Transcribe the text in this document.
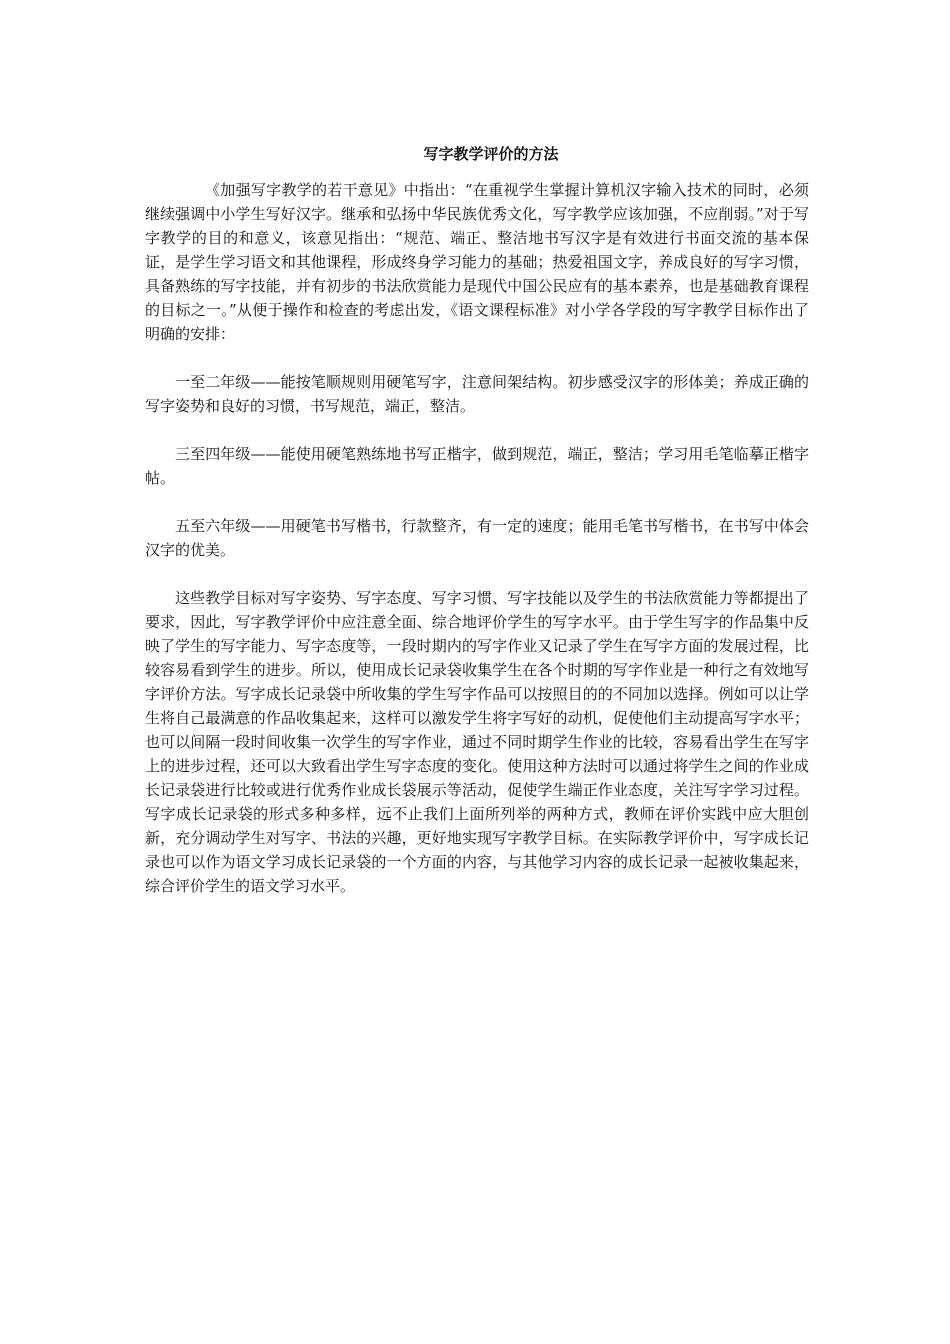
写字教学评价的方法

《加强写字教学的若干意见》中指出：“在重视学生掌握计算机汉字输入技术的同时，必须继续强调中小学生写好汉字。继承和弘扬中华民族优秀文化，写字教学应该加强，不应削弱。”对于写字教学的目的和意义，该意见指出：“规范、端正、整洁地书写汉字是有效进行书面交流的基本保证，是学生学习语文和其他课程，形成终身学习能力的基础；热爱祖国文字，养成良好的写字习惯，具备熟练的写字技能，并有初步的书法欣赏能力是现代中国公民应有的基本素养，也是基础教育课程的目标之一。”从便于操作和检查的考虑出发，《语文课程标准》对小学各学段的写字教学目标作出了明确的安排：

一至二年级——能按笔顺规则用硬笔写字，注意间架结构。初步感受汉字的形体美；养成正确的写字姿势和良好的习惯，书写规范，端正，整洁。

三至四年级——能使用硬笔熟练地书写正楷字，做到规范，端正，整洁；学习用毛笔临摹正楷字帖。

五至六年级——用硬笔书写楷书，行款整齐，有一定的速度；能用毛笔书写楷书，在书写中体会汉字的优美。

这些教学目标对写字姿势、写字态度、写字习惯、写字技能以及学生的书法欣赏能力等都提出了要求，因此，写字教学评价中应注意全面、综合地评价学生的写字水平。由于学生写字的作品集中反映了学生的写字能力、写字态度等，一段时期内的写字作业又记录了学生在写字方面的发展过程，比较容易看到学生的进步。所以，使用成长记录袋收集学生在各个时期的写字作业是一种行之有效地写字评价方法。写字成长记录袋中所收集的学生写字作品可以按照目的的不同加以选择。例如可以让学生将自己最满意的作品收集起来，这样可以激发学生将字写好的动机，促使他们主动提高写字水平；也可以间隔一段时间收集一次学生的写字作业，通过不同时期学生作业的比较，容易看出学生在写字上的进步过程，还可以大致看出学生写字态度的变化。使用这种方法时可以通过将学生之间的作业成长记录袋进行比较或进行优秀作业成长袋展示等活动，促使学生端正作业态度，关注写字学习过程。写字成长记录袋的形式多种多样，远不止我们上面所列举的两种方式，教师在评价实践中应大胆创新，充分调动学生对写字、书法的兴趣，更好地实现写字教学目标。在实际教学评价中，写字成长记录也可以作为语文学习成长记录袋的一个方面的内容，与其他学习内容的成长记录一起被收集起来，综合评价学生的语文学习水平。
